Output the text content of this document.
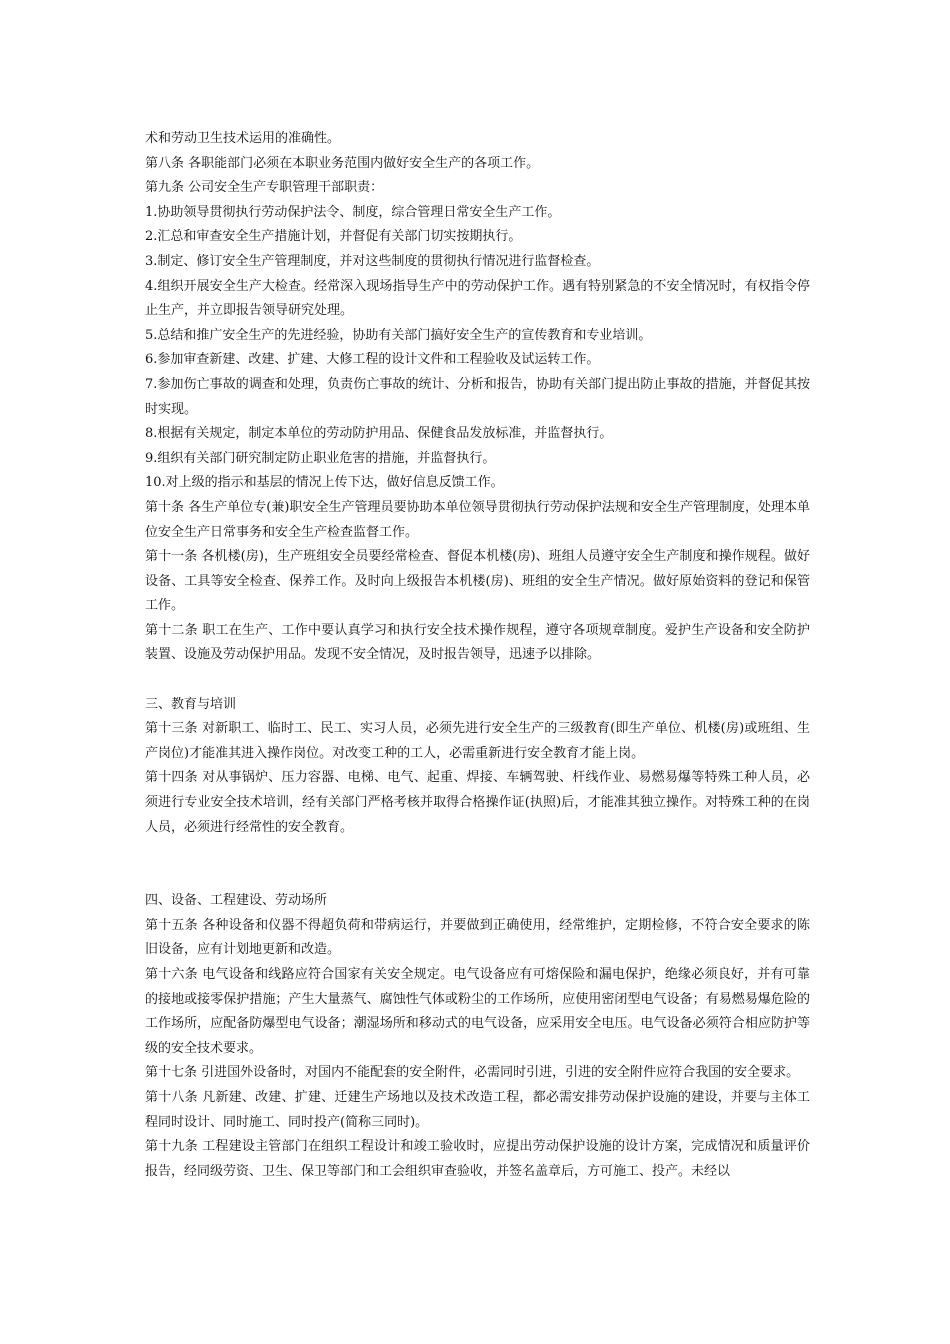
术和劳动卫生技术运用的准确性。

第八条 各职能部门必须在本职业务范围内做好安全生产的各项工作。

第九条 公司安全生产专职管理干部职责：

1.协助领导贯彻执行劳动保护法令、制度，综合管理日常安全生产工作。

2.汇总和审查安全生产措施计划，并督促有关部门切实按期执行。

3.制定、修订安全生产管理制度，并对这些制度的贯彻执行情况进行监督检查。

4.组织开展安全生产大检查。经常深入现场指导生产中的劳动保护工作。遇有特别紧急的不安全情况时，有权指令停止生产，并立即报告领导研究处理。

5.总结和推广安全生产的先进经验，协助有关部门搞好安全生产的宣传教育和专业培训。

6.参加审查新建、改建、扩建、大修工程的设计文件和工程验收及试运转工作。

7.参加伤亡事故的调查和处理，负责伤亡事故的统计、分析和报告，协助有关部门提出防止事故的措施，并督促其按时实现。

8.根据有关规定，制定本单位的劳动防护用品、保健食品发放标准，并监督执行。

9.组织有关部门研究制定防止职业危害的措施，并监督执行。

10.对上级的指示和基层的情况上传下达，做好信息反馈工作。

第十条 各生产单位专(兼)职安全生产管理员要协助本单位领导贯彻执行劳动保护法规和安全生产管理制度，处理本单位安全生产日常事务和安全生产检查监督工作。

第十一条 各机楼(房)，生产班组安全员要经常检查、督促本机楼(房)、班组人员遵守安全生产制度和操作规程。做好设备、工具等安全检查、保养工作。及时向上级报告本机楼(房)、班组的安全生产情况。做好原始资料的登记和保管工作。

第十二条 职工在生产、工作中要认真学习和执行安全技术操作规程，遵守各项规章制度。爱护生产设备和安全防护装置、设施及劳动保护用品。发现不安全情况，及时报告领导，迅速予以排除。

三、教育与培训

第十三条 对新职工、临时工、民工、实习人员，必须先进行安全生产的三级教育(即生产单位、机楼(房)或班组、生产岗位)才能准其进入操作岗位。对改变工种的工人，必需重新进行安全教育才能上岗。

第十四条 对从事锅炉、压力容器、电梯、电气、起重、焊接、车辆驾驶、杆线作业、易燃易爆等特殊工种人员，必须进行专业安全技术培训，经有关部门严格考核并取得合格操作证(执照)后，才能准其独立操作。对特殊工种的在岗人员，必须进行经常性的安全教育。

四、设备、工程建设、劳动场所

第十五条 各种设备和仪器不得超负荷和带病运行，并要做到正确使用，经常维护，定期检修，不符合安全要求的陈旧设备，应有计划地更新和改造。

第十六条 电气设备和线路应符合国家有关安全规定。电气设备应有可熔保险和漏电保护，绝缘必须良好，并有可靠的接地或接零保护措施；产生大量蒸气、腐蚀性气体或粉尘的工作场所，应使用密闭型电气设备；有易燃易爆危险的工作场所，应配备防爆型电气设备；潮湿场所和移动式的电气设备，应采用安全电压。电气设备必须符合相应防护等级的安全技术要求。

第十七条 引进国外设备时，对国内不能配套的安全附件，必需同时引进，引进的安全附件应符合我国的安全要求。

第十八条 凡新建、改建、扩建、迁建生产场地以及技术改造工程，都必需安排劳动保护设施的建设，并要与主体工程同时设计、同时施工、同时投产(简称三同时)。

第十九条 工程建设主管部门在组织工程设计和竣工验收时，应提出劳动保护设施的设计方案，完成情况和质量评价报告，经同级劳资、卫生、保卫等部门和工会组织审查验收，并签名盖章后，方可施工、投产。未经以
